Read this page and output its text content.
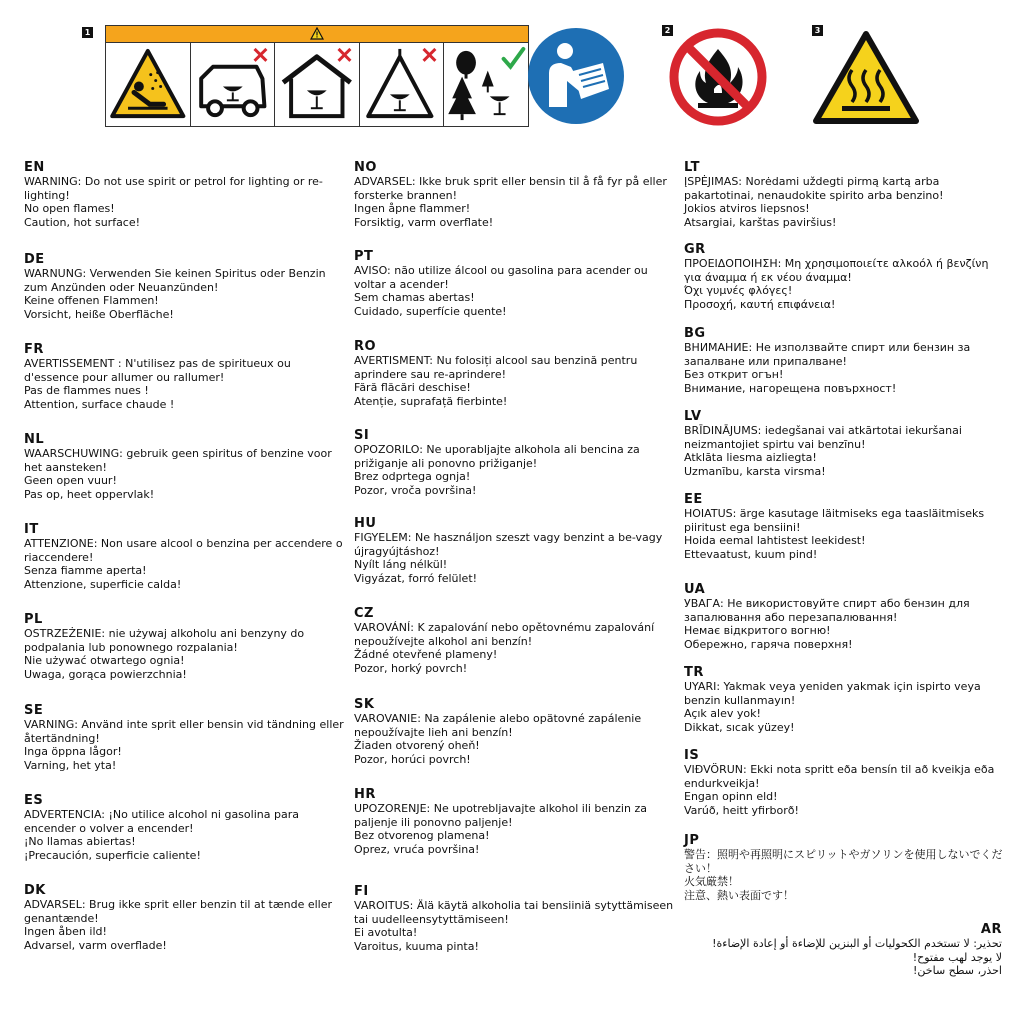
1	2	3
EN
WARNING: Do not use spirit or petrol for lighting or re-lighting!
No open flames!
Caution, hot surface!
DE
WARNUNG: Verwenden Sie keinen Spiritus oder Benzin zum Anzünden oder Neuanzünden!
Keine offenen Flammen!
Vorsicht, heiße Oberfläche!
FR
AVERTISSEMENT : N'utilisez pas de spiritueux ou d'essence pour allumer ou rallumer!
Pas de flammes nues !
Attention, surface chaude !
NL
WAARSCHUWING: gebruik geen spiritus of benzine voor het aansteken!
Geen open vuur!
Pas op, heet oppervlak!
IT
ATTENZIONE: Non usare alcool o benzina per accendere o riaccendere!
Senza fiamme aperta!
Attenzione, superficie calda!
PL
OSTRZEŻENIE: nie używaj alkoholu ani benzyny do podpalania lub ponownego rozpalania!
Nie używać otwartego ognia!
Uwaga, gorąca powierzchnia!
SE
VARNING: Använd inte sprit eller bensin vid tändning eller återtändning!
Inga öppna lågor!
Varning, het yta!
ES
ADVERTENCIA: ¡No utilice alcohol ni gasolina para encender o volver a encender!
¡No llamas abiertas!
¡Precaución, superficie caliente!
DK
ADVARSEL: Brug ikke sprit eller benzin til at tænde eller genantænde!
Ingen åben ild!
Advarsel, varm overflade!
NO
ADVARSEL: Ikke bruk sprit eller bensin til å få fyr på eller forsterke brannen!
Ingen åpne flammer!
Forsiktig, varm overflate!
PT
AVISO: não utilize álcool ou gasolina para acender ou voltar a acender!
Sem chamas abertas!
Cuidado, superfície quente!
RO
AVERTISMENT: Nu folosiți alcool sau benzină pentru aprindere sau re-aprindere!
Fără flăcări deschise!
Atenție, suprafață fierbinte!
SI
OPOZORILO: Ne uporabljajte alkohola ali bencina za prižiganje ali ponovno prižiganje!
Brez odprtega ognja!
Pozor, vroča površina!
HU
FIGYELEM: Ne használjon szeszt vagy benzint a be-vagy újragyújtáshoz!
Nyílt láng nélkül!
Vigyázat, forró felület!
CZ
VAROVÁNÍ: K zapalování nebo opětovnému zapalování nepoužívejte alkohol ani benzín!
Žádné otevřené plameny!
Pozor, horký povrch!
SK
VAROVANIE: Na zapálenie alebo opätovné zapálenie nepoužívajte lieh ani benzín!
Žiaden otvorený oheň!
Pozor, horúci povrch!
HR
UPOZORENJE: Ne upotrebljavajte alkohol ili benzin za paljenje ili ponovno paljenje!
Bez otvorenog plamena!
Oprez, vruća površina!
FI
VAROITUS: Älä käytä alkoholia tai bensiiniä sytyttämiseen tai uudelleensytyttämiseen!
Ei avotulta!
Varoitus, kuuma pinta!
LT
ĮSPĖJIMAS: Norėdami uždegti pirmą kartą arba pakartotinai, nenaudokite spirito arba benzino!
Jokios atviros liepsnos!
Atsargiai, karštas paviršius!
GR
ΠΡΟΕΙΔΟΠΟΙΗΣΗ: Μη χρησιμοποιείτε αλκοόλ ή βενζίνη για άναμμα ή εκ νέου άναμμα!
Όχι γυμνές φλόγες!
Προσοχή, καυτή επιφάνεια!
BG
ВНИМАНИЕ: Не използвайте спирт или бензин за запалване или припалване!
Без открит огън!
Внимание, нагорещена повърхност!
LV
BRĪDINĀJUMS: iedegšanai vai atkārtotai iekuršanai neizmantojiet spirtu vai benzīnu!
Atklāta liesma aizliegta!
Uzmanību, karsta virsma!
EE
HOIATUS: ärge kasutage läitmiseks ega taasläitmiseks piiritust ega bensiini!
Hoida eemal lahtistest leekidest!
Ettevaatust, kuum pind!
UA
УВАГА: Не використовуйте спирт або бензин для запалювання або перезапалювання!
Немає відкритого вогню!
Обережно, гаряча поверхня!
TR
UYARI: Yakmak veya yeniden yakmak için ispirto veya benzin kullanmayın!
Açık alev yok!
Dikkat, sıcak yüzey!
IS
VIÐVÖRUN: Ekki nota spritt eða bensín til að kveikja eða endurkveikja!
Engan opinn eld!
Varúð, heitt yfirborð!
JP
警告：照明や再照明にスピリットやガソリンを使用しないでください！
火気厳禁！
注意、熱い表面です！
AR
تحذير: لا تستخدم الكحوليات أو البنزين للإضاءة أو إعادة الإضاءة!
لا يوجد لهب مفتوح!
احذر، سطح ساخن!
